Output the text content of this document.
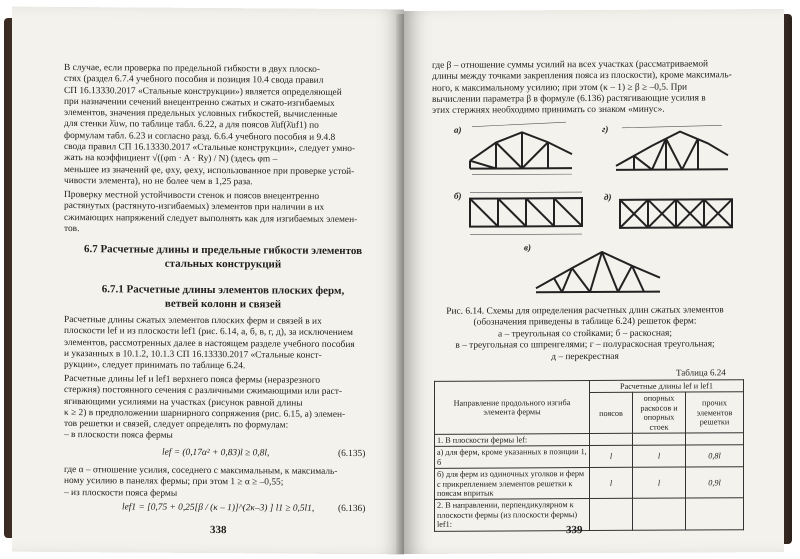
В случае, если проверка по предельной гибкости в двух плоско-
стях (раздел 6.7.4 учебного пособия и позиция 10.4 свода правил
СП 16.13330.2017 «Стальные конструкции») является определяющей
при назначении сечений внецентренно сжатых и сжато-изгибаемых
элементов, значения предельных условных гибкостей, вычисленные
для стенки λ̄uw, по таблице табл. 6.22, а для поясов λ̄uf(λ̄uf1) по
формулам табл. 6.23 и согласно разд. 6.6.4 учебного пособия и 9.4.8
свода правил СП 16.13330.2017 «Стальные конструкции», следует умно-
жать на коэффициент √((φm · A · Ry) / N) (здесь φm –
меньшее из значений φe, φxy, φexy, использованное при проверке устой-
чивости элемента), но не более чем в 1,25 раза.
Проверку местной устойчивости стенок и поясов внецентренно
растянутых (растянуто-изгибаемых) элементов при наличии в их
сжимающих напряжений следует выполнять как для изгибаемых элемен-
тов.
6.7 Расчетные длины и предельные гибкости элементов
стальных конструкций
6.7.1 Расчетные длины элементов плоских ферм,
ветвей колонн и связей
Расчетные длины сжатых элементов плоских ферм и связей в их
плоскости lef и из плоскости lef1 (рис. 6.14, а, б, в, г, д), за исключением
элементов, рассмотренных далее в настоящем разделе учебного пособия
и указанных в 10.1.2, 10.1.3 СП 16.13330.2017 «Стальные конст-
рукции», следует принимать по таблице 6.24.
Расчетные длины lef и lef1 верхнего пояса фермы (неразрезного
стержня) постоянного сечения с различными сжимающими или раст-
ягивающими усилиями на участках (рисунок равной длины
κ ≥ 2) в предположении шарнирного сопряжения (рис. 6.15, а) элемен-
тов решетки и связей, следует определять по формулам:
– в плоскости пояса фермы
lef = (0,17α² + 0,83)l ≥ 0,8l,	(6.135)
где α – отношение усилия, соседнего с максимальным, к максималь-
ному усилию в панелях фермы; при этом 1 ≥ α ≥ –0,55;
– из плоскости пояса фермы
lef1 = [0,75 + 0,25[β / (κ – 1)]^(2κ–3) ] l1 ≥ 0,5l1,	(6.136)
338
где β – отношение суммы усилий на всех участках (рассматриваемой
длины между точками закрепления пояса из плоскости), кроме максималь-
ного, к максимальному усилию; при этом (κ – 1) ≥ β ≥ –0,5. При
вычислении параметра β в формуле (6.136) растягивающие усилия в
этих стержнях необходимо принимать со знаком «минус».
а)	г)
б)	д)
в)
Рис. 6.14. Схемы для определения расчетных длин сжатых элементов
(обозначения приведены в таблице 6.24) решеток ферм:
а – треугольная со стойками; б – раскосная;
в – треугольная со шпренгелями; г – полураскосная треугольная;
д – перекрестная
Таблица 6.24
Направление продольного изгиба элемента фермы	Расчетные длины lef и lef1		
	поясов	опорных раскосов и опорных стоек	прочих элементов решетки
1. В плоскости фермы lef:			
а) для ферм, кроме указанных в позиции 1, б	l	l	0,8l
б) для ферм из одиночных уголков и ферм с прикреплением элементов решетки к поясам впритык	l	l	0,9l
2. В направлении, перпендикулярном к плоскости фермы (из плоскости фермы) lef1:				339
